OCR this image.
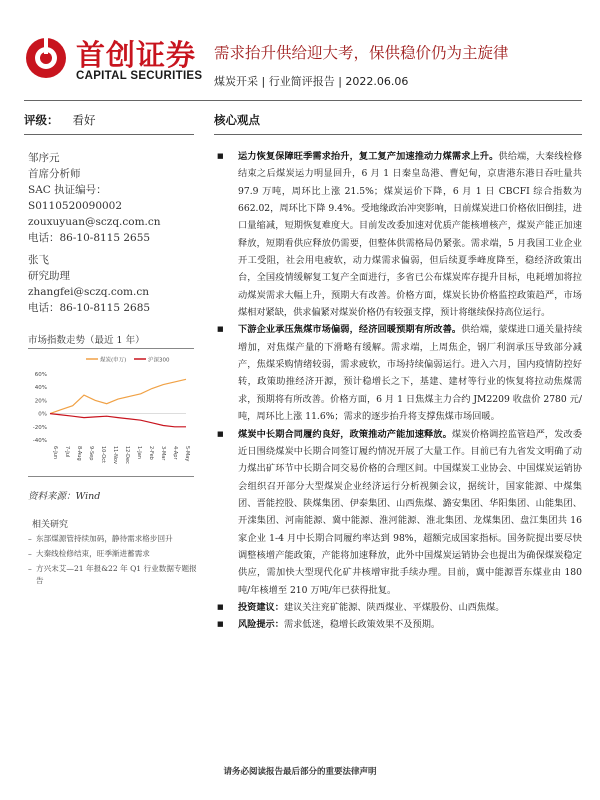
首创证券
CAPITAL SECURITIES
需求抬升供给迎大考，保供稳价仍为主旋律
煤炭开采 | 行业简评报告 | 2022.06.06
评级： 看好
邹序元
首席分析师
SAC 执证编号：
S0110520090002
zouxuyuan@sczq.com.cn
电话：86-10-8115 2655
张飞
研究助理
zhangfei@sczq.com.cn
电话：86-10-8115 2685
市场指数走势（最近 1 年）
煤炭(申万)	沪深300
60%
40%
20%
0%
-20%
-40%
6-Jun 7-Jul 8-Aug 9-Sep 10-Oct 11-Nov 12-Dec 1-Jan 2-Feb 3-Mar 4-Apr 5-May
资料来源：Wind
相关研究
– 东部煤源管持续加码，静待需求格步回升
– 大秦线检修结束，旺季渐进蓄需求
– 方兴未艾—21 年报&22 年 Q1 行业数据专题报告
核心观点
■ 运力恢复保障旺季需求抬升，复工复产加速推动力煤需求上升。供给端，大秦线检修结束之后煤炭运力明显回升，6 月 1 日秦皇岛港、曹妃甸，京唐港东港日吞吐量共 97.9 万吨，周环比上涨 21.5%；煤炭运价下降，6 月 1 日 CBCFI 综合指数为 662.02，周环比下降 9.4%。受地缘政治冲突影响，日前煤炭进口价格依旧倒挂，进口量缩减，短期恢复难度大。目前发改委加速对优质产能核增核产，煤炭产能正加速释放，短期看供应释放仍需要，但整体供需格局仍紧张。需求端，5 月我国工业企业开工受阻，社会用电疲软，动力煤需求偏弱，但后续夏季峰度降至，稳经济政策出台，全国疫情缓解复工复产全面进行，多省已公布煤炭库存提升目标，电耗增加将拉动煤炭需求大幅上升，预期大有改善。价格方面，煤炭长协价格监控政策趋严，市场煤相对紧缺，供求偏紧对煤炭价格仍有较强支撑，预计将继续保持高位运行。
■ 下游企业承压焦煤市场偏弱，经济回暖预期有所改善。供给端，蒙煤进口通关量持续增加，对焦煤产量的下滑略有缓解。需求端，上周焦企，钢厂利润承压导致部分减产，焦煤采购情绪较弱，需求疲软，市场持续偏弱运行。进入六月，国内疫情防控好转，政策助推经济开源，预计稳增长之下，基建、建材等行业的恢复将拉动焦煤需求，预期将有所改善。价格方面，6 月 1 日焦煤主力合约 JM2209 收盘价 2780 元/吨，周环比上涨 11.6%；需求的逐步抬升将支撑焦煤市场回暖。
■ 煤炭中长期合同履约良好，政策推动产能加速释放。煤炭价格调控监管趋严，发改委近日围绕煤炭中长期合同签订履约情况开展了大量工作。目前已有九省发文明确了动力煤出矿环节中长期合同交易价格的合理区间。中国煤炭工业协会、中国煤炭运销协会组织召开部分大型煤炭企业经济运行分析视频会议，据统计，国家能源、中煤集团、晋能控股、陕煤集团、伊泰集团、山西焦煤、潞安集团、华阳集团、山能集团、开滦集团、河南能源、冀中能源、淮河能源、淮北集团、龙煤集团、盘江集团共 16 家企业 1-4 月中长期合同履约率达到 98%，超额完成国家指标。国务院提出要尽快调整核增产能政策，产能将加速释放，此外中国煤炭运销协会也提出为确保煤炭稳定供应，需加快大型现代化矿井核增审批手续办理。目前，冀中能源晋东煤业由 180 吨/年核增至 210 万吨/年已获得批复。
■ 投资建议：建议关注兖矿能源、陕西煤业、平煤股份、山西焦煤。
■ 风险提示：需求低迷，稳增长政策效果不及预期。
请务必阅读报告最后部分的重要法律声明
